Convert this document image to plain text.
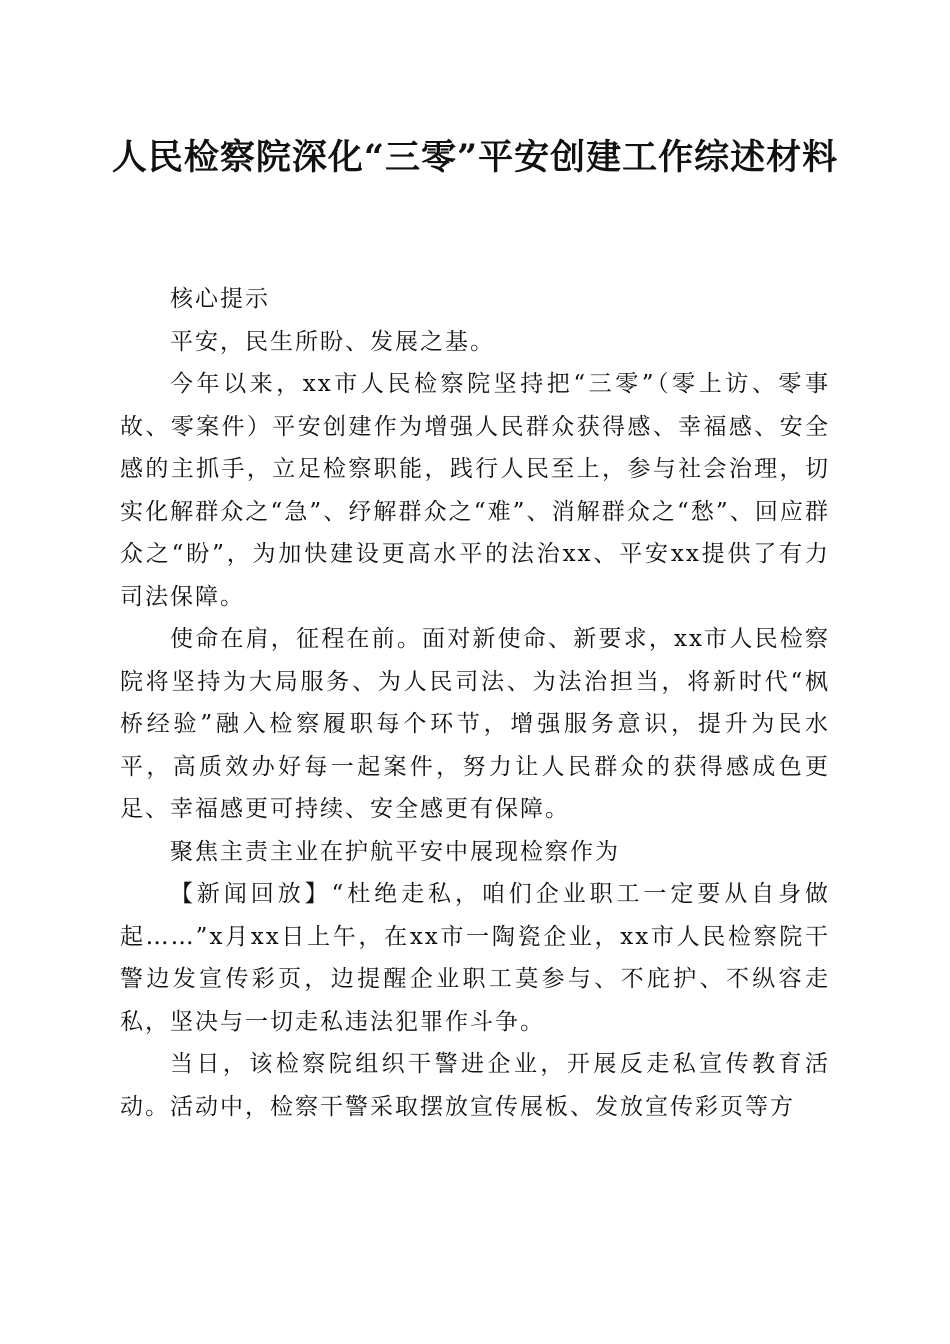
人民检察院深化“三零”平安创建工作综述材料

核心提示

平安，民生所盼、发展之基。

今年以来，xx市人民检察院坚持把“三零”（零上访、零事故、零案件）平安创建作为增强人民群众获得感、幸福感、安全感的主抓手，立足检察职能，践行人民至上，参与社会治理，切实化解群众之“急”、纾解群众之“难”、消解群众之“愁”、回应群众之“盼”，为加快建设更高水平的法治xx、平安xx提供了有力司法保障。

使命在肩，征程在前。面对新使命、新要求，xx市人民检察院将坚持为大局服务、为人民司法、为法治担当，将新时代“枫桥经验”融入检察履职每个环节，增强服务意识，提升为民水平，高质效办好每一起案件，努力让人民群众的获得感成色更足、幸福感更可持续、安全感更有保障。

聚焦主责主业在护航平安中展现检察作为

【新闻回放】“杜绝走私，咱们企业职工一定要从自身做起……”x月xx日上午，在xx市一陶瓷企业，xx市人民检察院干警边发宣传彩页，边提醒企业职工莫参与、不庇护、不纵容走私，坚决与一切走私违法犯罪作斗争。

当日，该检察院组织干警进企业，开展反走私宣传教育活动。活动中，检察干警采取摆放宣传展板、发放宣传彩页等方
